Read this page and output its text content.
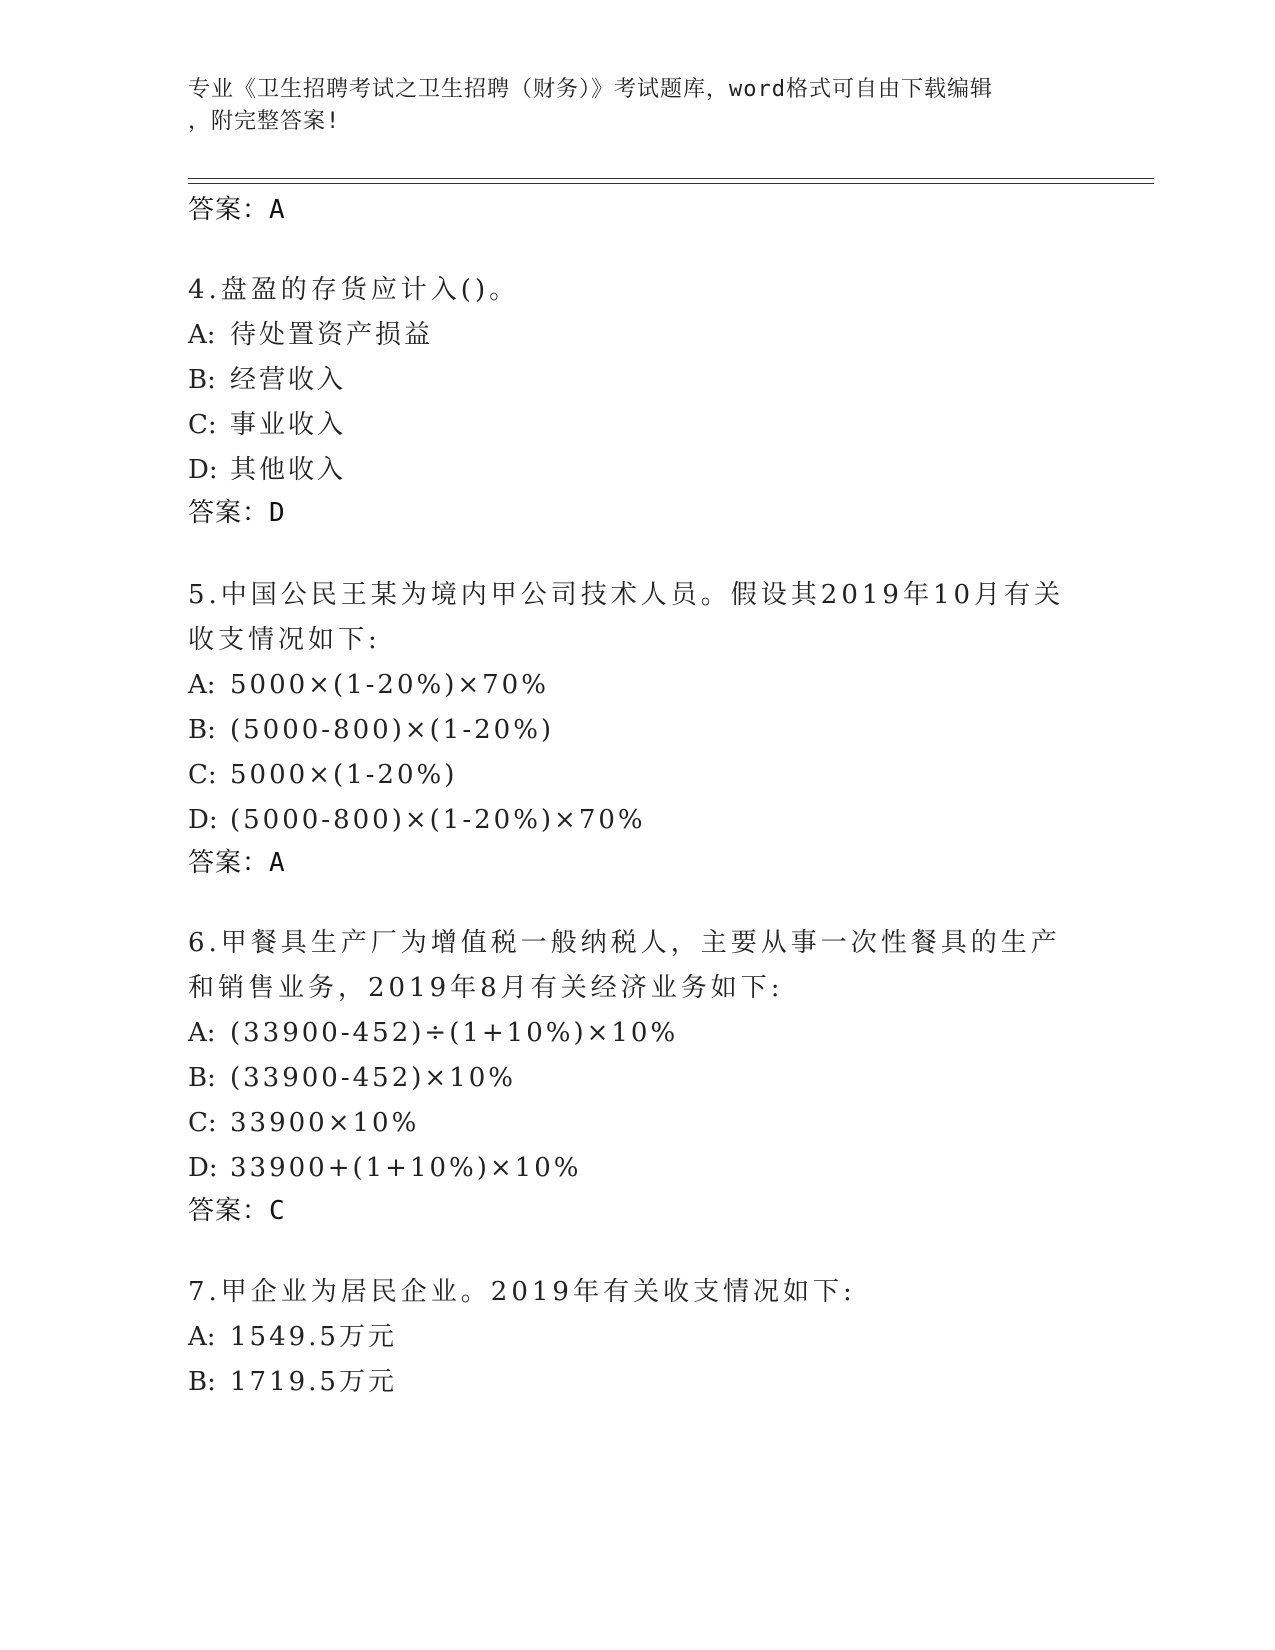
专业《卫生招聘考试之卫生招聘（财务）》考试题库，word格式可自由下载编辑
，附完整答案!
答案：A
4.盘盈的存货应计入()。
A: 待处置资产损益
B: 经营收入
C: 事业收入
D: 其他收入
答案：D
5.中国公民王某为境内甲公司技术人员。假设其2019年10月有关收支情况如下:
A: 5000×(1-20%)×70%
B: (5000-800)×(1-20%)
C: 5000×(1-20%)
D: (5000-800)×(1-20%)×70%
答案：A
6.甲餐具生产厂为增值税一般纳税人，主要从事一次性餐具的生产和销售业务，2019年8月有关经济业务如下:
A: (33900-452)÷(1+10%)×10%
B: (33900-452)×10%
C: 33900×10%
D: 33900+(1+10%)×10%
答案：C
7.甲企业为居民企业。2019年有关收支情况如下:
A: 1549.5万元
B: 1719.5万元
